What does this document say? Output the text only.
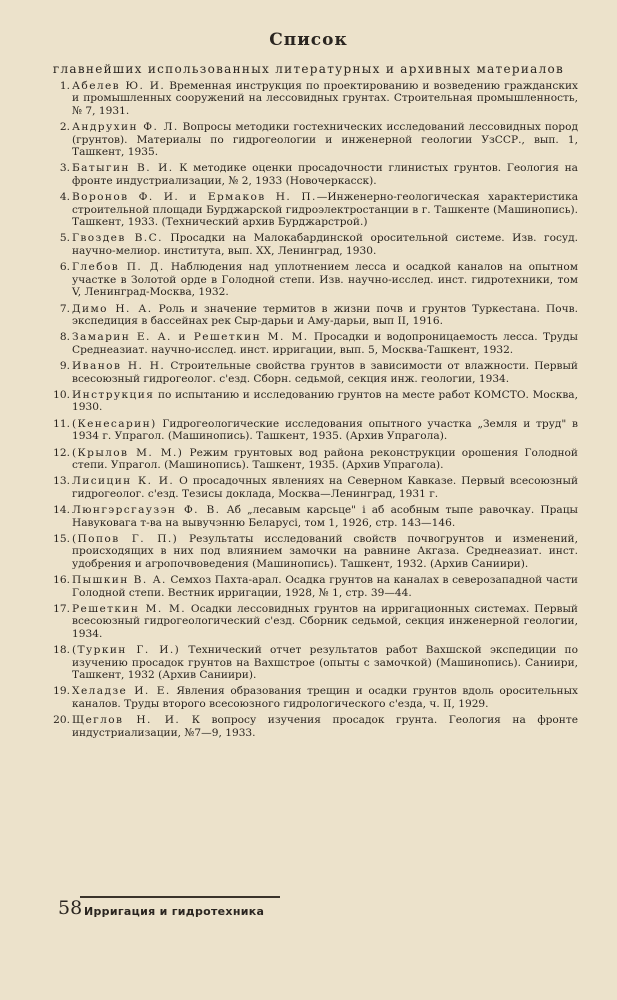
Список
главнейших использованных литературных и архивных материалов
1. Абелев Ю. И. Временная инструкция по проектированию и возведению гражданских и промышленных сооружений на лессовидных грунтах. Строительная промышленность, № 7, 1931.
2. Андрухин Ф. Л. Вопросы методики гостехнических исследований лессовидных пород (грунтов). Материалы по гидрогеологии и инженерной геологии УзССР., вып. 1, Ташкент, 1935.
3. Батыгин В. И. К методике оценки просадочности глинистых грунтов. Геология на фронте индустриализации, № 2, 1933 (Новочеркасск).
4. Воронов Ф. И. и Ермаков Н. П.—Инженерно-геологическая характеристика строительной площади Бурджарской гидроэлектростанции в г. Ташкенте (Машинопись). Ташкент, 1933. (Технический архив Бурджарстрой.)
5. Гвоздев В.С. Просадки на Малокабардинской оросительной системе. Изв. госуд. научно-мелиор. института, вып. XX, Ленинград, 1930.
6. Глебов П. Д. Наблюдения над уплотнением лесса и осадкой каналов на опытном участке в Золотой орде в Голодной степи. Изв. научно-исслед. инст. гидротехники, том V, Ленинград-Москва, 1932.
7. Димо Н. А. Роль и значение термитов в жизни почв и грунтов Туркестана. Почв. экспедиция в бассейнах рек Сыр-дарьи и Аму-дарьи, вып II, 1916.
8. Замарин Е. А. и Решеткин М. М. Просадки и водопроницаемость лесса. Труды Среднеазиат. научно-исслед. инст. ирригации, вып. 5, Москва-Ташкент, 1932.
9. Иванов Н. Н. Строительные свойства грунтов в зависимости от влажности. Первый всесоюзный гидрогеолог. с'езд. Сборн. седьмой, секция инж. геологии, 1934.
10. Инструкция по испытанию и исследованию грунтов на месте работ КОМСТО. Москва, 1930.
11. (Кенесарин) Гидрогеологические исследования опытного участка „Земля и труд" в 1934 г. Упрагол. (Машинопись). Ташкент, 1935. (Архив Упрагола).
12. (Крылов М. М.) Режим грунтовых вод района реконструкции орошения Голодной степи. Упрагол. (Машинопись). Ташкент, 1935. (Архив Упрагола).
13. Лисицин К. И. О просадочных явлениях на Северном Кавказе. Первый всесоюзный гидрогеолог. с'езд. Тезисы доклада, Москва—Ленинград, 1931 г.
14. Люнгэрсгаузэн Ф. В. Аб „лесавым карсьце" і аб асобным тыпе равочкау. Працы Навуковага т-ва на вывучэнню Беларусі, том 1, 1926, стр. 143—146.
15. (Попов Г. П.) Результаты исследований свойств почвогрунтов и изменений, происходящих в них под влиянием замочки на равнине Акгаза. Среднеазиат. инст. удобрения и агропочвоведения (Машинопись). Ташкент, 1932. (Архив Саниири).
16. Пышкин В. А. Семхоз Пахта-арал. Осадка грунтов на каналах в северозападной части Голодной степи. Вестник ирригации, 1928, № 1, стр. 39—44.
17. Решеткин М. М. Осадки лессовидных грунтов на ирригационных системах. Первый всесоюзный гидрогеологический с'езд. Сборник седьмой, секция инженерной геологии, 1934.
18. (Туркин Г. И.) Технический отчет результатов работ Вахшской экспедиции по изучению просадок грунтов на Вахшстрое (опыты с замочкой) (Машинопись). Саниири, Ташкент, 1932 (Архив Саниири).
19. Хеладзе И. Е. Явления образования трещин и осадки грунтов вдоль оросительных каналов. Труды второго всесоюзного гидрологического с'езда, ч. II, 1929.
20. Щеглов Н. И. К вопросу изучения просадок грунта. Геология на фронте индустриализации, №7—9, 1933.
58 Ирригация и гидротехника
